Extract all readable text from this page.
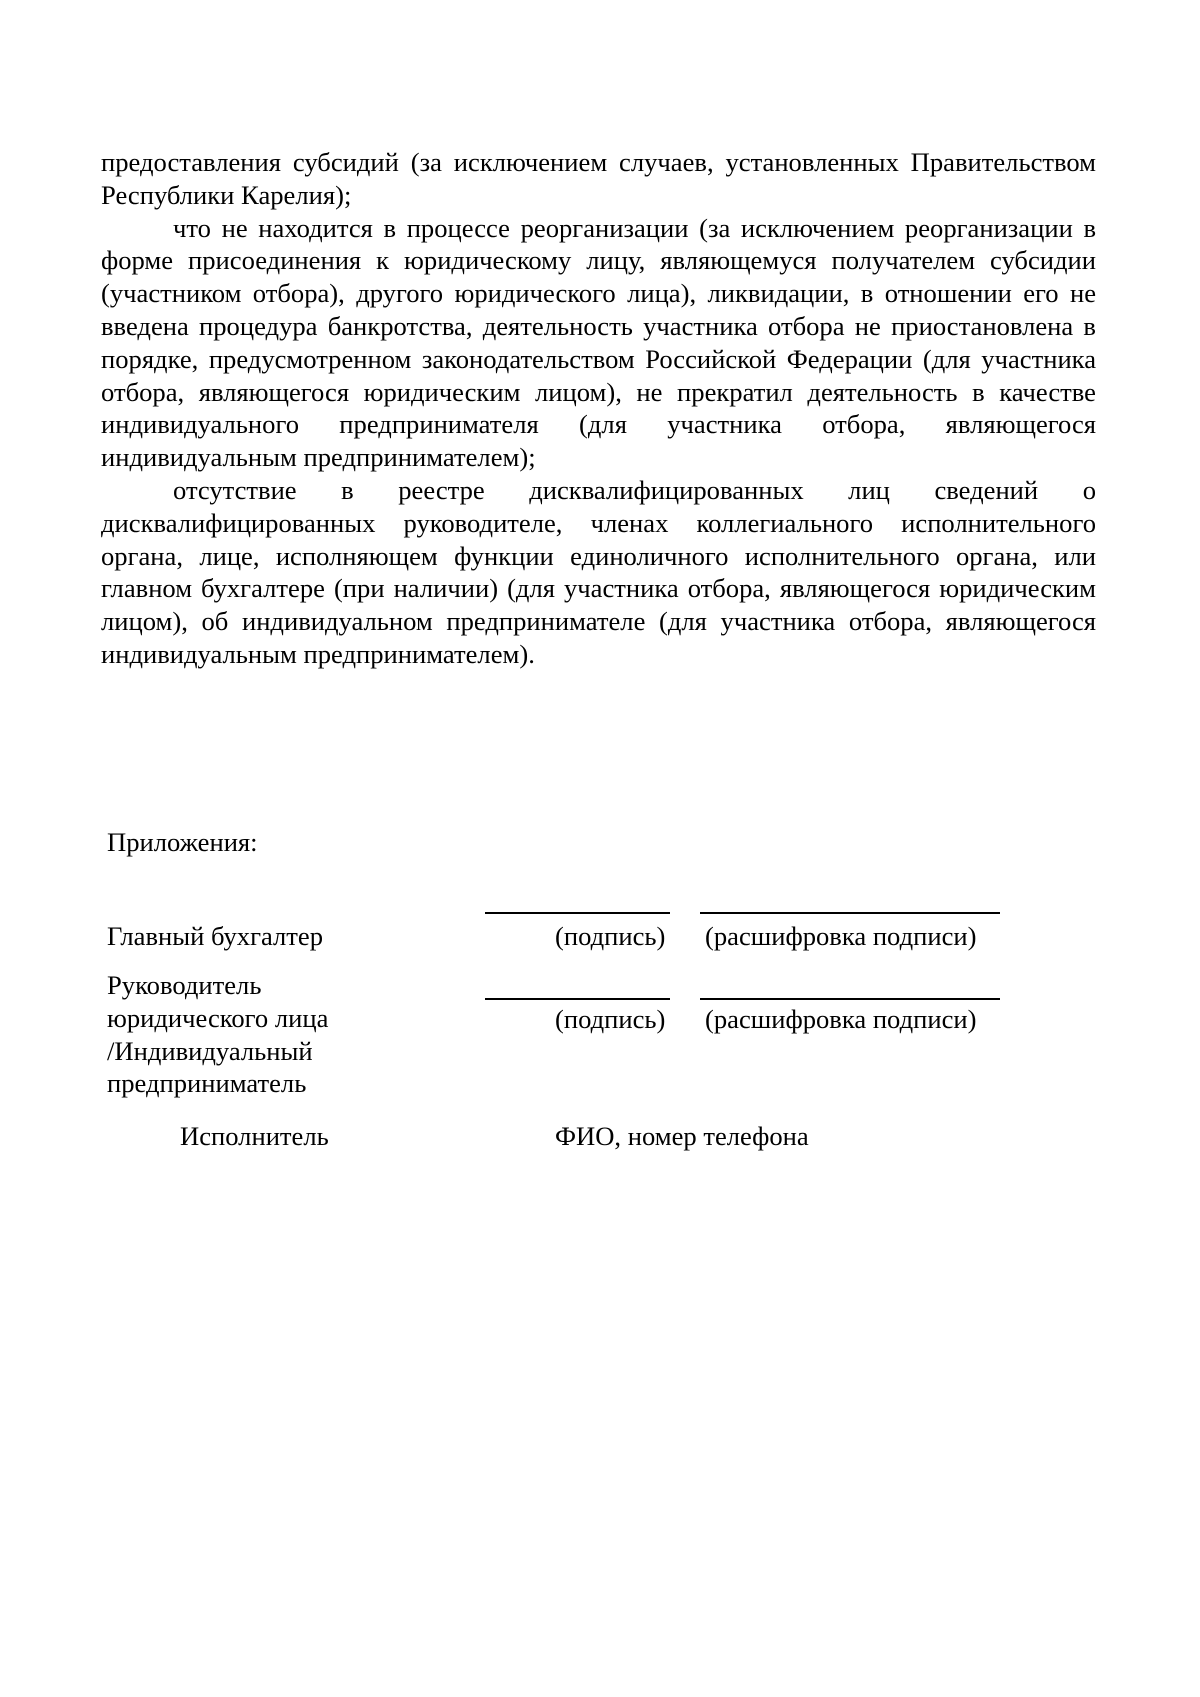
предоставления субсидий (за исключением случаев, установленных Правительством Республики Карелия);

что не находится в процессе реорганизации (за исключением реорганизации в форме присоединения к юридическому лицу, являющемуся получателем субсидии (участником отбора), другого юридического лица), ликвидации, в отношении его не введена процедура банкротства, деятельность участника отбора не приостановлена в порядке, предусмотренном законодательством Российской Федерации (для участника отбора, являющегося юридическим лицом), не прекратил деятельность в качестве индивидуального предпринимателя (для участника отбора, являющегося индивидуальным предпринимателем);

отсутствие в реестре дисквалифицированных лиц сведений о дисквалифицированных руководителе, членах коллегиального исполнительного органа, лице, исполняющем функции единоличного исполнительного органа, или главном бухгалтере (при наличии) (для участника отбора, являющегося юридическим лицом), об индивидуальном предпринимателе (для участника отбора, являющегося индивидуальным предпринимателем).

Приложения:
Главный бухгалтер	(подпись) (расшифровка подписи)
Руководитель
юридического лица
/Индивидуальный
предприниматель
(подпись) (расшифровка подписи)
Исполнитель	ФИО, номер телефона
